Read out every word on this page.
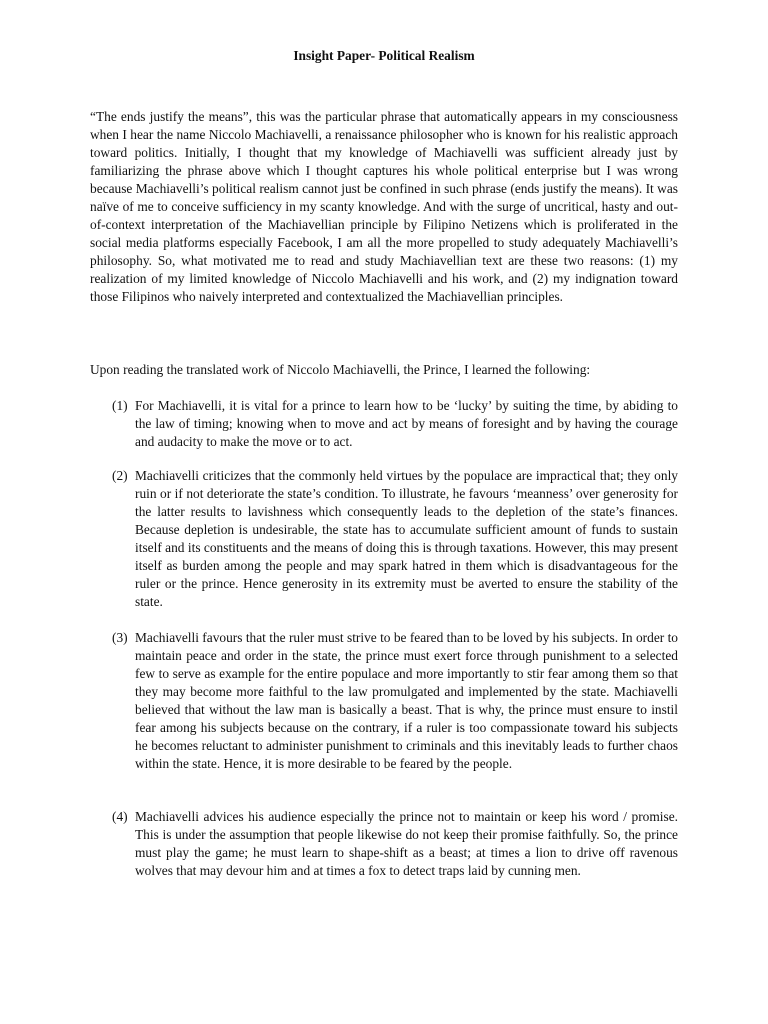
Insight Paper- Political Realism

“The ends justify the means”, this was the particular phrase that automatically appears in my consciousness when I hear the name Niccolo Machiavelli, a renaissance philosopher who is known for his realistic approach toward politics. Initially, I thought that my knowledge of Machiavelli was sufficient already just by familiarizing the phrase above which I thought captures his whole political enterprise but I was wrong because Machiavelli’s political realism cannot just be confined in such phrase (ends justify the means). It was naïve of me to conceive sufficiency in my scanty knowledge. And with the surge of uncritical, hasty and out-of-context interpretation of the Machiavellian principle by Filipino Netizens which is proliferated in the social media platforms especially Facebook, I am all the more propelled to study adequately Machiavelli’s philosophy. So, what motivated me to read and study Machiavellian text are these two reasons: (1) my realization of my limited knowledge of Niccolo Machiavelli and his work, and (2) my indignation toward those Filipinos who naively interpreted and contextualized the Machiavellian principles.

Upon reading the translated work of Niccolo Machiavelli, the Prince, I learned the following:

(1) For Machiavelli, it is vital for a prince to learn how to be ‘lucky’ by suiting the time, by abiding to the law of timing; knowing when to move and act by means of foresight and by having the courage and audacity to make the move or to act.
(2) Machiavelli criticizes that the commonly held virtues by the populace are impractical that; they only ruin or if not deteriorate the state’s condition. To illustrate, he favours ‘meanness’ over generosity for the latter results to lavishness which consequently leads to the depletion of the state’s finances. Because depletion is undesirable, the state has to accumulate sufficient amount of funds to sustain itself and its constituents and the means of doing this is through taxations. However, this may present itself as burden among the people and may spark hatred in them which is disadvantageous for the ruler or the prince. Hence generosity in its extremity must be averted to ensure the stability of the state.
(3) Machiavelli favours that the ruler must strive to be feared than to be loved by his subjects. In order to maintain peace and order in the state, the prince must exert force through punishment to a selected few to serve as example for the entire populace and more importantly to stir fear among them so that they may become more faithful to the law promulgated and implemented by the state. Machiavelli believed that without the law man is basically a beast. That is why, the prince must ensure to instil fear among his subjects because on the contrary, if a ruler is too compassionate toward his subjects he becomes reluctant to administer punishment to criminals and this inevitably leads to further chaos within the state. Hence, it is more desirable to be feared by the people.
(4) Machiavelli advices his audience especially the prince not to maintain or keep his word / promise. This is under the assumption that people likewise do not keep their promise faithfully. So, the prince must play the game; he must learn to shape-shift as a beast; at times a lion to drive off ravenous wolves that may devour him and at times a fox to detect traps laid by cunning men.
